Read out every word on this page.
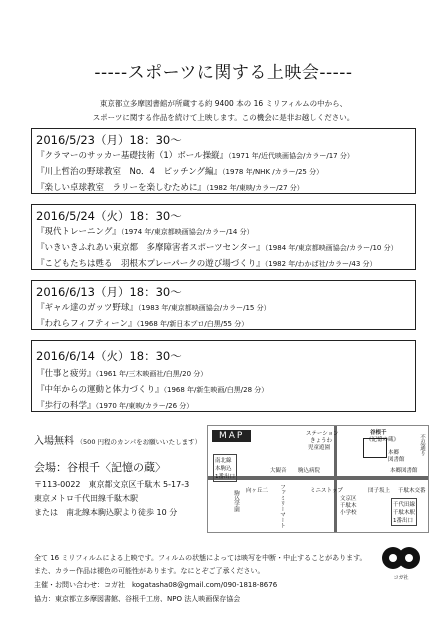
-----スポーツに関する上映会-----
東京都立多摩図書館が所蔵する約 9400 本の 16 ミリフィルムの中から、
スポーツに関する作品を続けて上映します。この機会に是非お越しください。
2016/5/23（月）18：30～
『クラマーのサッカー基礎技術（1）ボール操縦』（1971 年/近代映画協会/カラー/17 分）
『川上哲治の野球教室　No．4　ピッチング編』（1978 年/NHK /カラー/25 分）
『楽しい卓球教室　ラリーを楽しむために』（1982 年/東映/カラー/27 分）
2016/5/24（火）18：30～
『現代トレーニング』（1974 年/東京都映画協会/カラー/14 分）
『いきいきふれあい東京都　多摩障害者スポーツセンター』（1984 年/東京都映画協会/カラー/10 分）
『こどもたちは甦る　羽根木プレーパークの遊び場づくり』（1982 年/わかば社/カラー/43 分）
2016/6/13（月）18：30～
『ギャル達のガッツ野球』（1983 年/東京都映画協会/カラー/15 分）
『われらフィフティーン』（1968 年/新日本プロ/白黒/55 分）
2016/6/14（火）18：30～
『仕事と疲労』（1961 年/三木映画社/白黒/20 分）
『中年からの運動と体力づくり』（1968 年/新生映画/白黒/28 分）
『歩行の科学』（1970 年/東映/カラー/26 分）
入場無料 （500 円程のカンパをお願いいたします）
会場：谷根千〈記憶の蔵〉
〒113-0022　東京都文京区千駄木 5-17-3
東京メトロ千代田線千駄木駅
または　南北線本駒込駅より徒歩 10 分
MAP	ステーション
きょうわ
児童遊園
谷根千
《記憶の蔵》
本郷
図書館
不忍通り
南北線
本駒込
1番出口
大観音 駒込病院
向ヶ丘二	団子坂上
千代田線
千駄木駅
1番出口
千駄木交番
本郷図書館
ファミリーマート	ミニストップ
駒込学園	文京区
千駄木
小学校
全て 16 ミリフィルムによる上映です。フィルムの状態によっては映写を中断・中止することがあります。
また、カラー作品は褪色の可能性があります。なにとぞご了承ください。
主催・お問い合わせ：コガ社　kogatasha08@gmail.com/090-1818-8676
協力：東京都立多摩図書館、谷根千工房、NPO 法人映画保存協会
コガ社
